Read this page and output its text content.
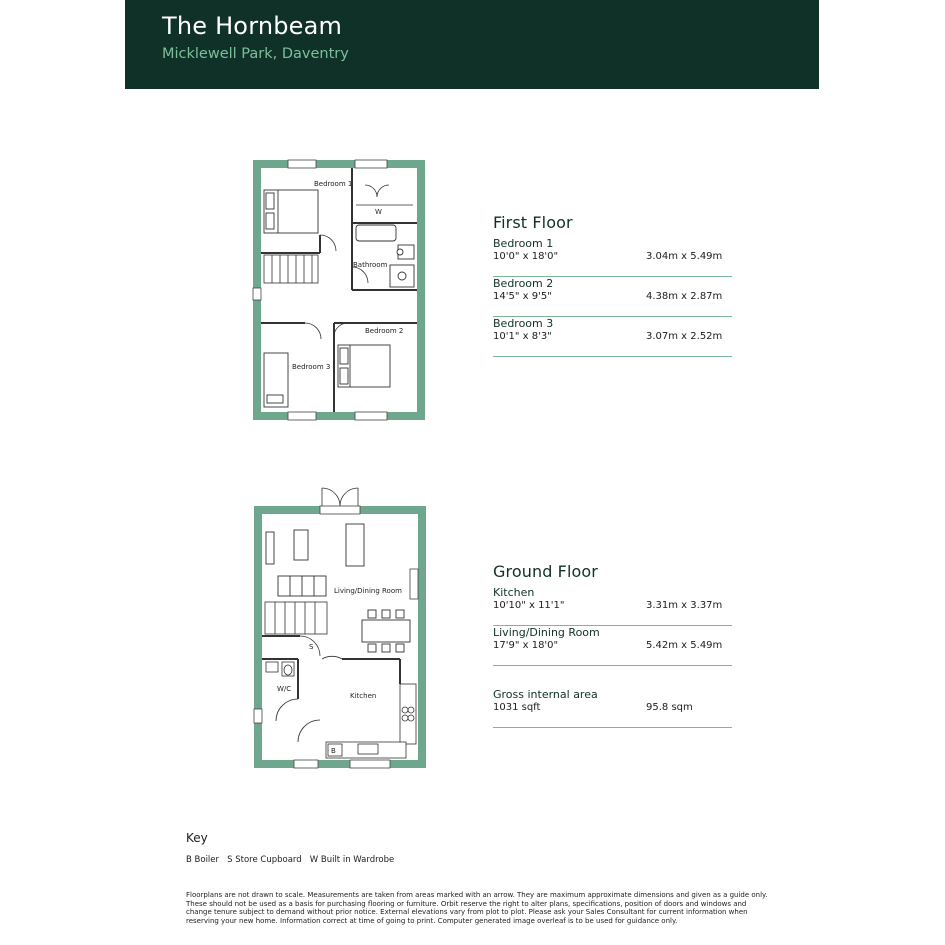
The Hornbeam
Micklewell Park, Daventry
Bedroom 1
W
Bathroom
Bedroom 2
Bedroom 3
First Floor
Bedroom 1
10'0" x 18'0"	3.04m x 5.49m
Bedroom 2
14'5" x 9'5"	4.38m x 2.87m
Bedroom 3
10'1" x 8'3"	3.07m x 2.52m
Living/Dining Room
Kitchen
W/C
S
B
Ground Floor
Kitchen
10'10" x 11'1"	3.31m x 3.37m
Living/Dining Room
17'9" x 18'0"	5.42m x 5.49m
Gross internal area
1031 sqft	95.8 sqm
Key
B Boiler   S Store Cupboard   W Built in Wardrobe
Floorplans are not drawn to scale. Measurements are taken from areas marked with an arrow. They are maximum approximate dimensions and given as a guide only. These should not be used as a basis for purchasing flooring or furniture. Orbit reserve the right to alter plans, specifications, position of doors and windows and change tenure subject to demand without prior notice. External elevations vary from plot to plot. Please ask your Sales Consultant for current information when reserving your new home. Information correct at time of going to print. Computer generated image overleaf is to be used for guidance only.
